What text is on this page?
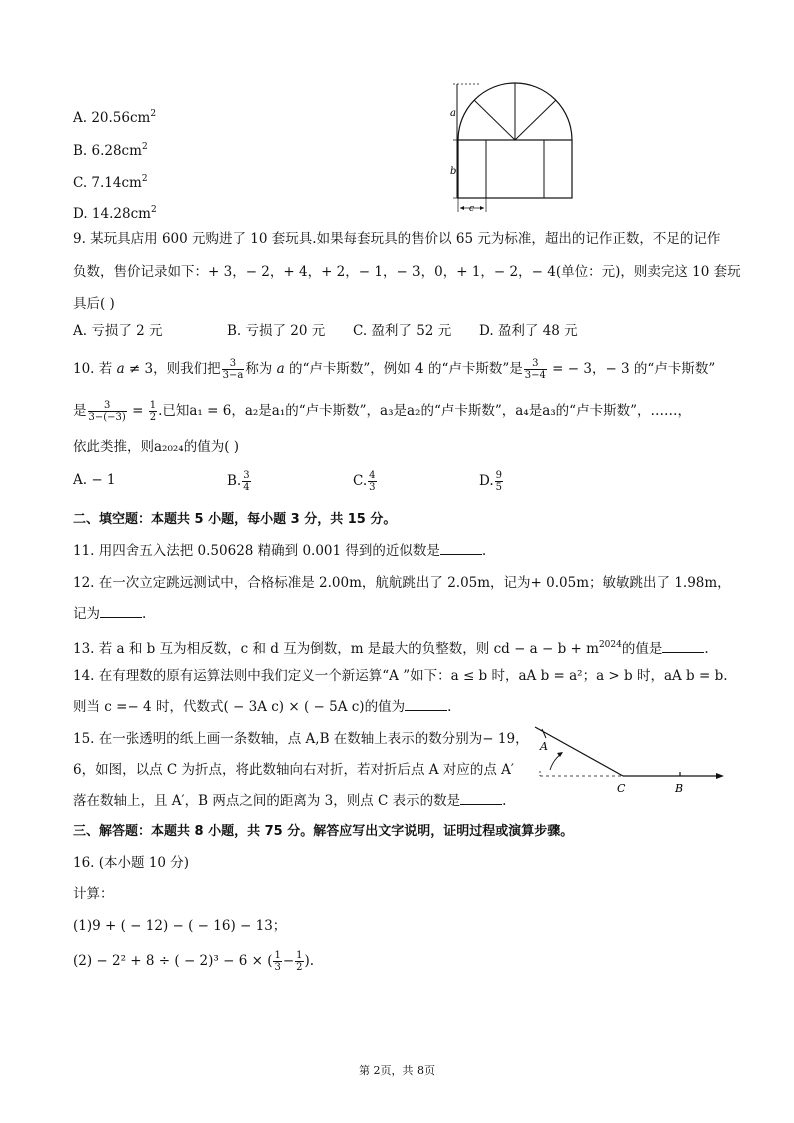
A. $20.56cm^2$
B. $6.28cm^2$
C. $7.14cm^2$
D. $14.28cm^2$
a
b
c
9. 某玩具店用 600 元购进了 10 套玩具.如果每套玩具的售价以 65 元为标准，超出的记作正数，不足的记作
负数，售价记录如下：+ 3，− 2，+ 4，+ 2，− 1，− 3，0，+ 1，− 2，− 4(单位：元)，则卖完这 10 套玩
具后( )
A. 亏损了 2 元	B. 亏损了 20 元 C. 盈利了 52 元 D. 盈利了 48 元
10. 若 a ≠ 3，则我们把 $\frac{3}{3-a}$ 称为 a 的“卢卡斯数”，例如 4 的“卢卡斯数”是 $\frac{3}{3-4}$ = − 3，− 3 的“卢卡斯数”
是 $\frac{3}{3-(-3)} = \frac{1}{2}$ .已知a₁ = 6，a₂是a₁的“卢卡斯数”，a₃是a₂的“卢卡斯数”，a₄是a₃的“卢卡斯数”，……，
依此类推，则a₂₀₂₄的值为( )
A. − 1	B. $\frac{3}{4}$	C. $\frac{4}{3}$	D. $\frac{9}{5}$
二、填空题：本题共 5 小题，每小题 3 分，共 15 分。
11. 用四舍五入法把 0.50628 精确到 0.001 得到的近似数是	.
12. 在一次立定跳远测试中，合格标准是 2.00m，航航跳出了 2.05m，记为+ 0.05m；敏敏跳出了 1.98m，
记为	.
13. 若 a 和 b 互为相反数，c 和 d 互为倒数，m 是最大的负整数，则 cd − $a - b + m^{2024}$的值是	.
14. 在有理数的原有运算法则中我们定义一个新运算“A ”如下：a ≤ b 时，aA b = a²；a > b 时，aA b = b.
则当 c =− 4 时，代数式( − 3A c) × ( − 5A c)的值为	.
15. 在一张透明的纸上画一条数轴，点 A,B 在数轴上表示的数分别为− 19，
6，如图，以点 C 为折点，将此数轴向右对折，若对折后点 A 对应的点 A′
落在数轴上，且 A′，B 两点之间的距离为 3，则点 C 表示的数是	.
A
C	B
三、解答题：本题共 8 小题，共 75 分。解答应写出文字说明，证明过程或演算步骤。
16. (本小题 10 分)
计算：
(1)9 + ( − 12) − ( − 16) − 13；
(2) − 2² + 8 ÷ ( − 2)³ − 6 × ( $\frac{1}{3} - \frac{1}{2}$ ).
第 2页，共 8页
